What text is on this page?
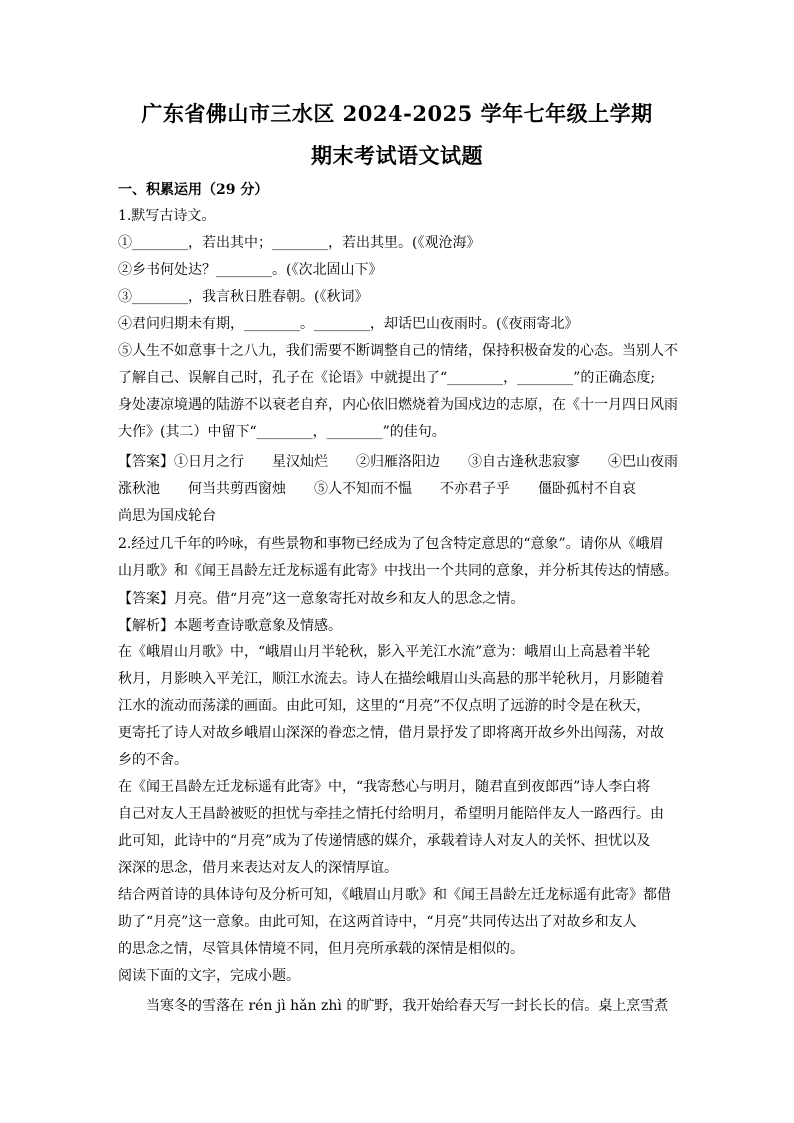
广东省佛山市三水区 2024-2025 学年七年级上学期
期末考试语文试题
一、积累运用（29 分）
1.默写古诗文。
①________，若出其中；________，若出其里。(《观沧海》
②乡书何处达？________。(《次北固山下》
③________，我言秋日胜春朝。(《秋词》
④君问归期未有期，________。________，却话巴山夜雨时。(《夜雨寄北》
⑤人生不如意事十之八九，我们需要不断调整自己的情绪，保持积极奋发的心态。当别人不
了解自己、误解自己时，孔子在《论语》中就提出了“________，________”的正确态度;
身处凄凉境遇的陆游不以衰老自弃，内心依旧燃烧着为国戍边的志原，在《十一月四日风雨
大作》(其二）中留下“________，________”的佳句。
【答案】①日月之行　　星汉灿烂　　②归雁洛阳边　　③自古逢秋悲寂寥　　④巴山夜雨
涨秋池　　何当共剪西窗烛　　⑤人不知而不愠　　不亦君子乎　　僵卧孤村不自哀
尚思为国戍轮台
2.经过几千年的吟咏，有些景物和事物已经成为了包含特定意思的“意象”。请你从《峨眉
山月歌》和《闻王昌龄左迁龙标遥有此寄》中找出一个共同的意象，并分析其传达的情感。
【答案】月亮。借“月亮”这一意象寄托对故乡和友人的思念之情。
【解析】本题考查诗歌意象及情感。
在《峨眉山月歌》中，“峨眉山月半轮秋，影入平羌江水流”意为：峨眉山上高悬着半轮
秋月，月影映入平羌江，顺江水流去。诗人在描绘峨眉山头高悬的那半轮秋月，月影随着
江水的流动而荡漾的画面。由此可知，这里的“月亮”不仅点明了远游的时令是在秋天，
更寄托了诗人对故乡峨眉山深深的眷恋之情，借月景抒发了即将离开故乡外出闯荡，对故
乡的不舍。
在《闻王昌龄左迁龙标遥有此寄》中，“我寄愁心与明月，随君直到夜郎西”诗人李白将
自己对友人王昌龄被贬的担忧与牵挂之情托付给明月，希望明月能陪伴友人一路西行。由
此可知，此诗中的“月亮”成为了传递情感的媒介，承载着诗人对友人的关怀、担忧以及
深深的思念，借月来表达对友人的深情厚谊。
结合两首诗的具体诗句及分析可知，《峨眉山月歌》和《闻王昌龄左迁龙标遥有此寄》都借
助了“月亮”这一意象。由此可知，在这两首诗中，“月亮”共同传达出了对故乡和友人
的思念之情，尽管具体情境不同，但月亮所承载的深情是相似的。
阅读下面的文字，完成小题。
当寒冬的雪落在 rén jì hǎn zhì 的旷野，我开始给春天写一封长长的信。桌上烹雪煮
